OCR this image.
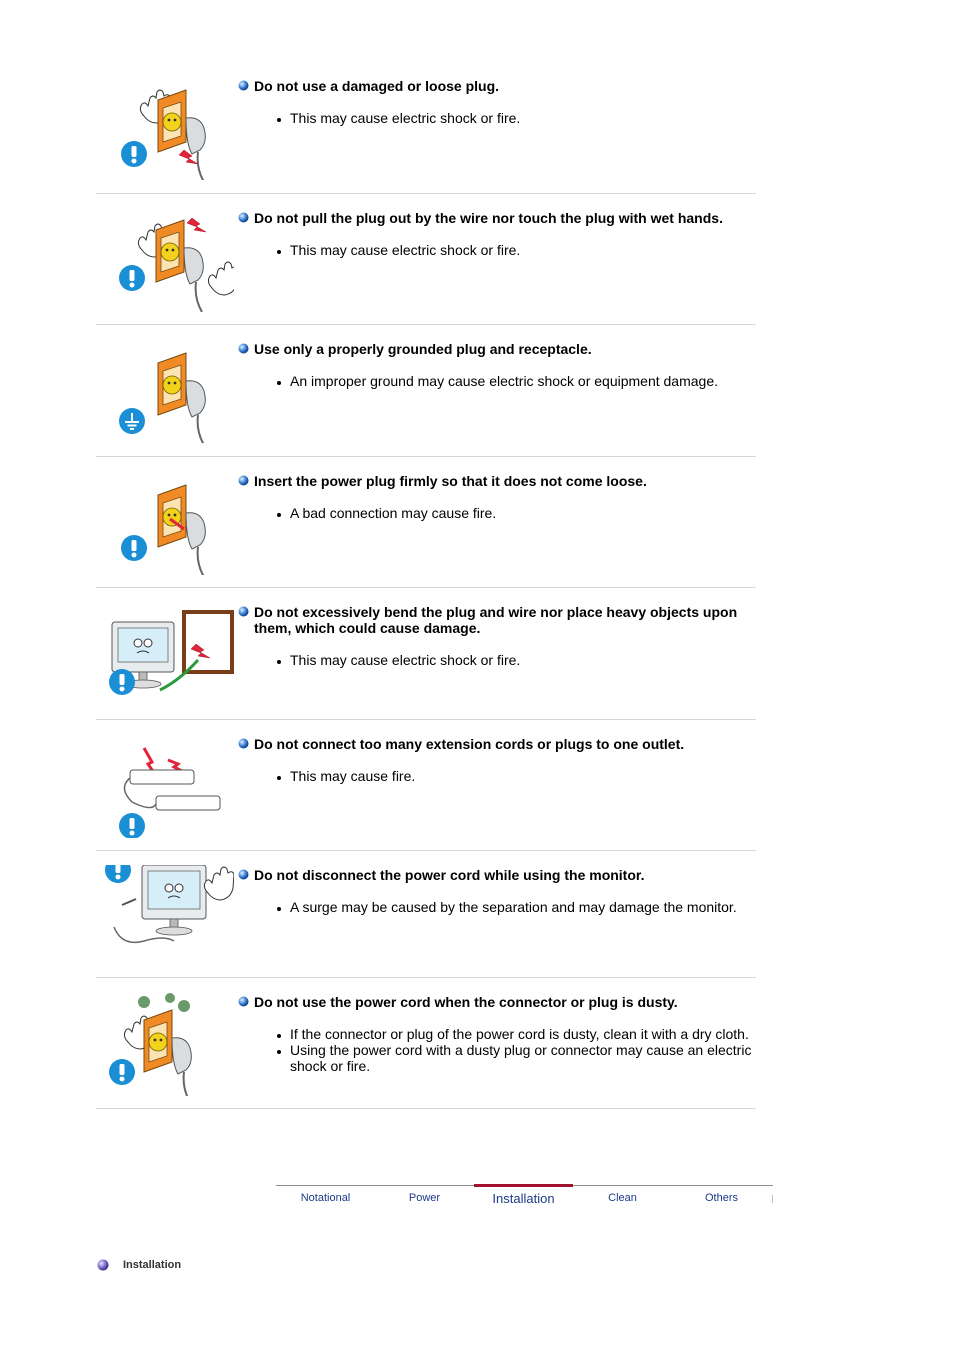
Do not use a damaged or loose plug.
This may cause electric shock or fire.
Do not pull the plug out by the wire nor touch the plug with wet hands.
This may cause electric shock or fire.
Use only a properly grounded plug and receptacle.
An improper ground may cause electric shock or equipment damage.
Insert the power plug firmly so that it does not come loose.
A bad connection may cause fire.
Do not excessively bend the plug and wire nor place heavy objects upon them, which could cause damage.
This may cause electric shock or fire.
Do not connect too many extension cords or plugs to one outlet.
This may cause fire.
Do not disconnect the power cord while using the monitor.
A surge may be caused by the separation and may damage the monitor.
Do not use the power cord when the connector or plug is dusty.
If the connector or plug of the power cord is dusty, clean it with a dry cloth.
Using the power cord with a dusty plug or connector may cause an electric shock or fire.
Notational	Power	Installation	Clean	Others
Installation
